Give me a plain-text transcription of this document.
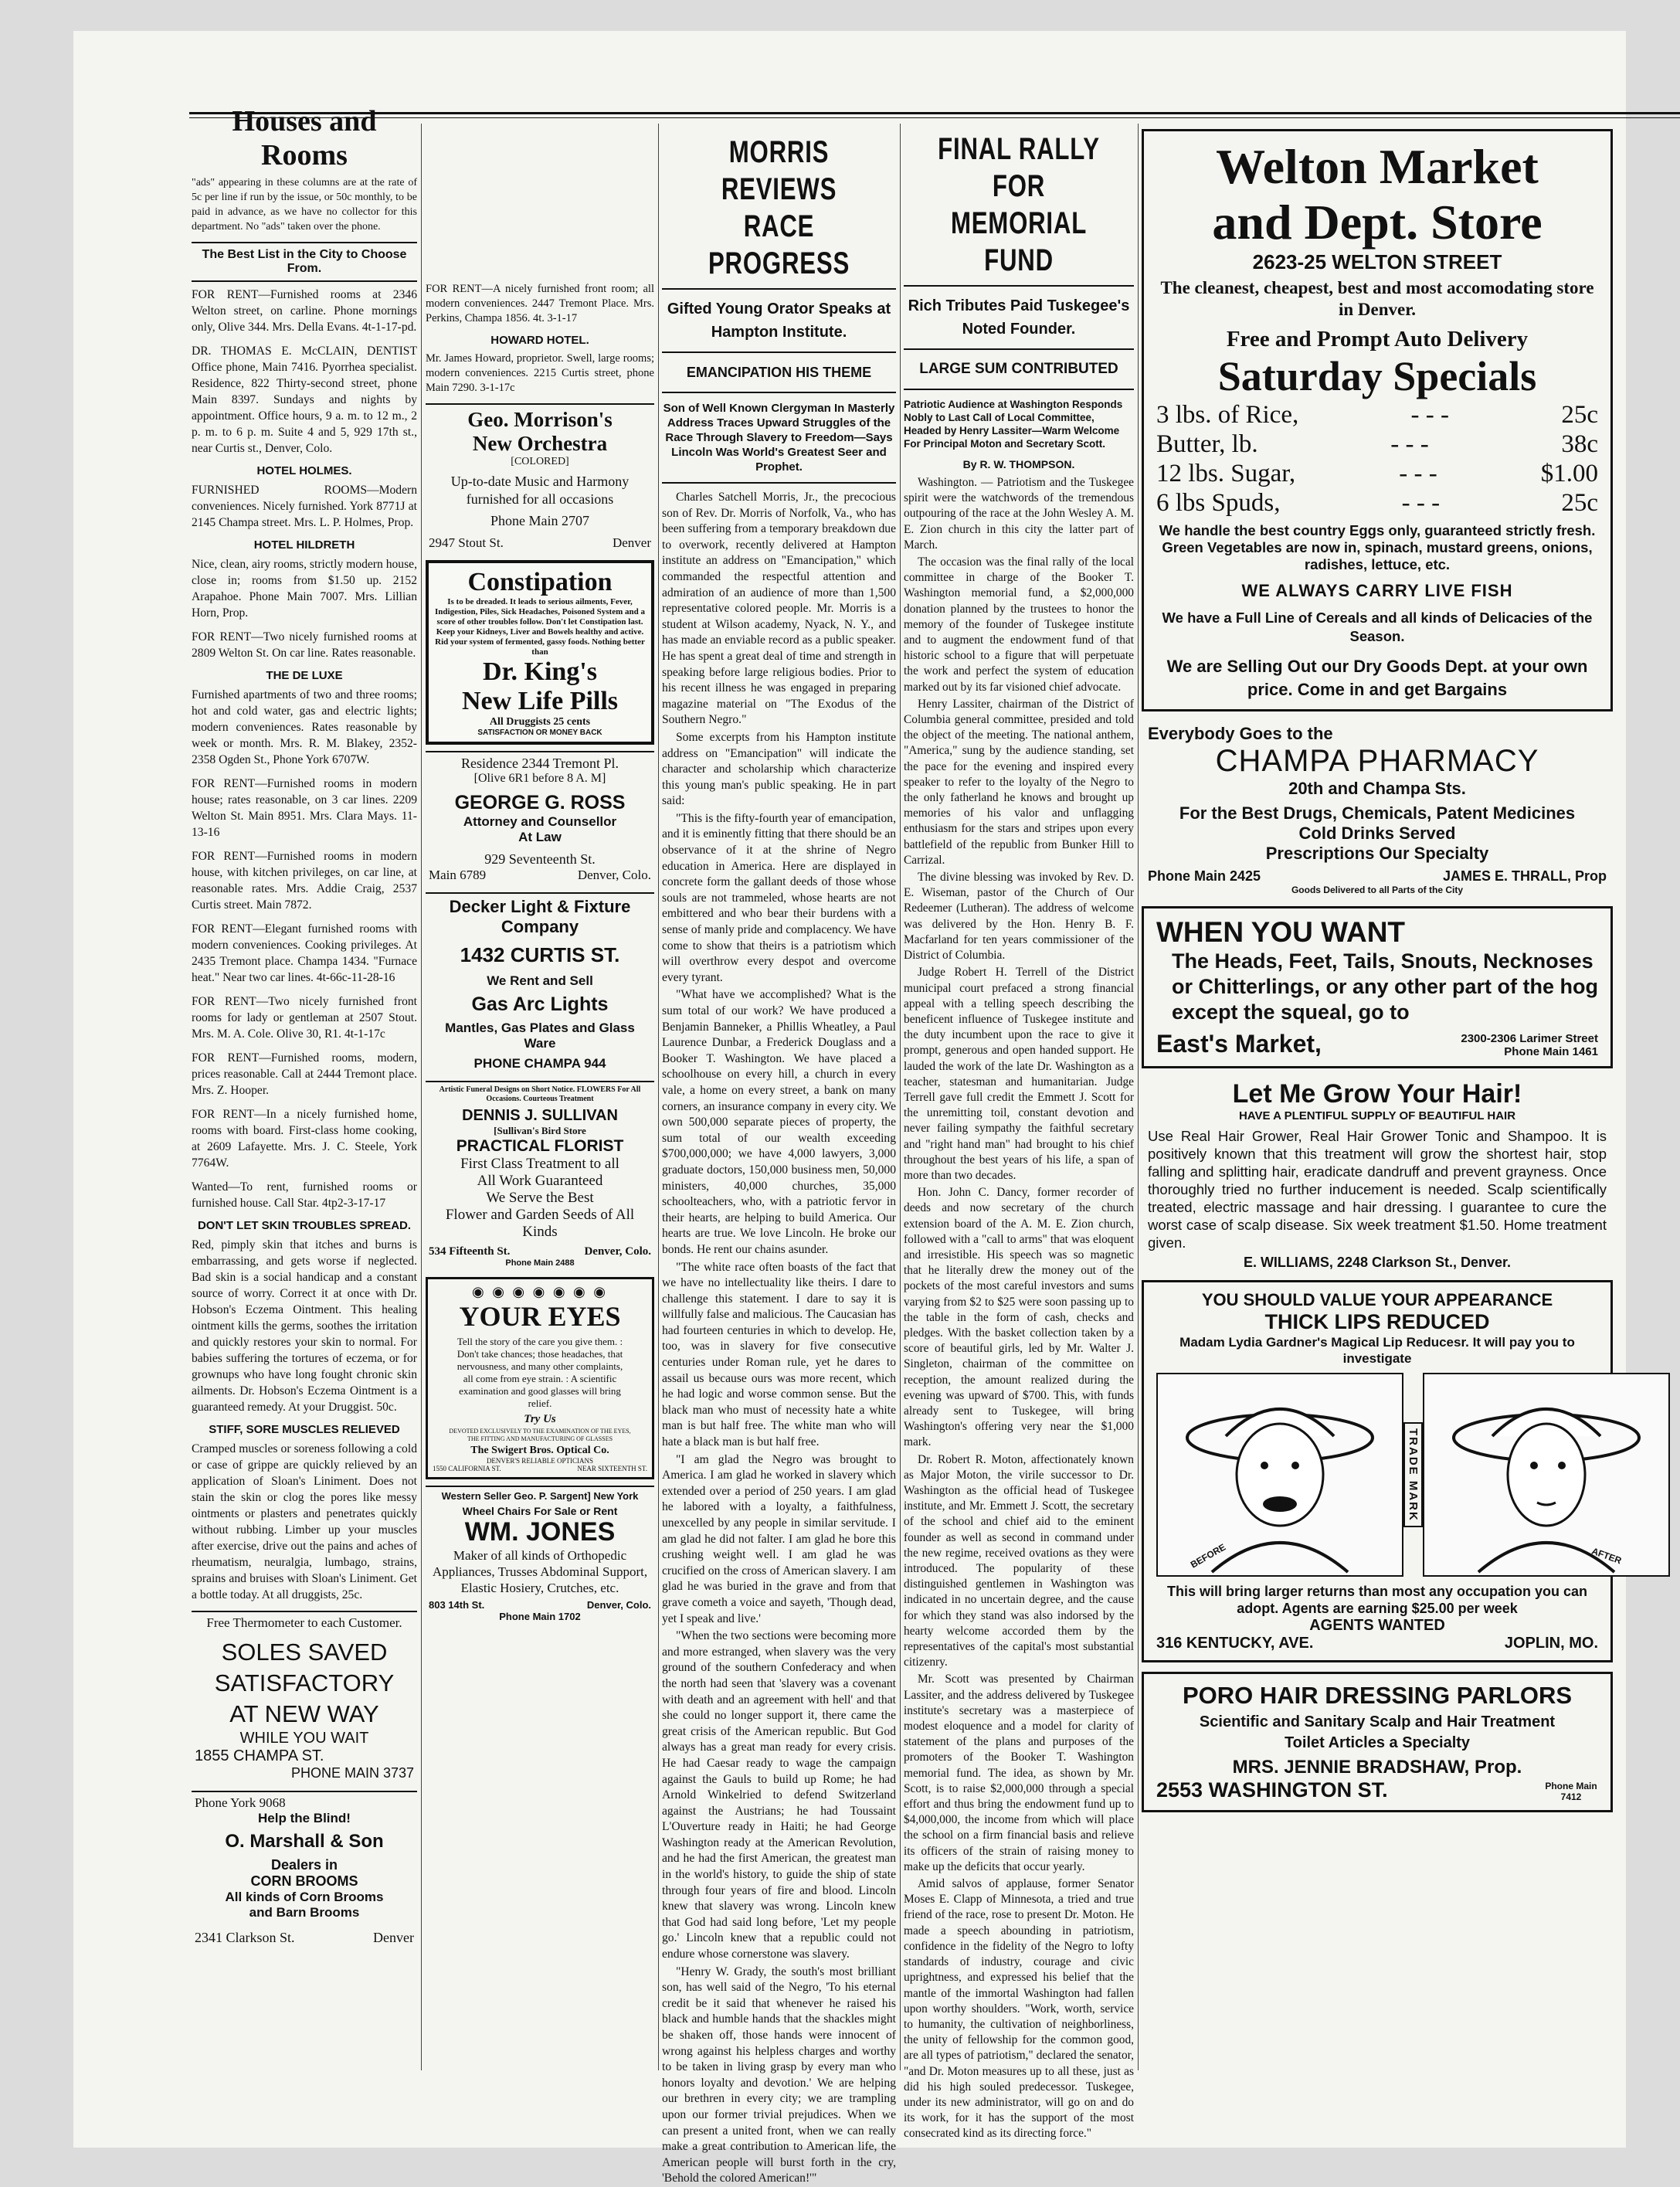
Houses and Rooms

"ads" appearing in these columns are at the rate of 5c per line if run by the issue, or 50c monthly, to be paid in advance, as we have no collector for this department. No "ads" taken over the phone.

The Best List in the City to Choose From.

FOR RENT—Furnished rooms at 2346 Welton street, on carline. Phone mornings only, Olive 344. Mrs. Della Evans. 4t-1-17-pd.

DR. THOMAS E. McCLAIN, DENTIST Office phone, Main 7416. Pyorrhea specialist. Residence, 822 Thirty-second street, phone Main 8397. Sundays and nights by appointment. Office hours, 9 a. m. to 12 m., 2 p. m. to 6 p. m. Suite 4 and 5, 929 17th st., near Curtis st., Denver, Colo.

HOTEL HOLMES.

FURNISHED ROOMS—Modern conveniences. Nicely furnished. York 8771J at 2145 Champa street. Mrs. L. P. Holmes, Prop.

HOTEL HILDRETH

Nice, clean, airy rooms, strictly modern house, close in; rooms from $1.50 up. 2152 Arapahoe. Phone Main 7007. Mrs. Lillian Horn, Prop.

FOR RENT—Two nicely furnished rooms at 2809 Welton St. On car line. Rates reasonable.

THE DE LUXE

Furnished apartments of two and three rooms; hot and cold water, gas and electric lights; modern conveniences. Rates reasonable by week or month. Mrs. R. M. Blakey, 2352-2358 Ogden St., Phone York 6707W.

FOR RENT—Furnished rooms in modern house; rates reasonable, on 3 car lines. 2209 Welton St. Main 8951. Mrs. Clara Mays. 11-13-16

FOR RENT—Furnished rooms in modern house, with kitchen privileges, on car line, at reasonable rates. Mrs. Addie Craig, 2537 Curtis street. Main 7872.

FOR RENT—Elegant furnished rooms with modern conveniences. Cooking privileges. At 2435 Tremont place. Champa 1434. "Furnace heat." Near two car lines. 4t-66c-11-28-16

FOR RENT—Two nicely furnished front rooms for lady or gentleman at 2507 Stout. Mrs. M. A. Cole. Olive 30, R1. 4t-1-17c

FOR RENT—Furnished rooms, modern, prices reasonable. Call at 2444 Tremont place. Mrs. Z. Hooper.

FOR RENT—In a nicely furnished home, rooms with board. First-class home cooking, at 2609 Lafayette. Mrs. J. C. Steele, York 7764W.

Wanted—To rent, furnished rooms or furnished house. Call Star. 4tp2-3-17-17

DON'T LET SKIN TROUBLES SPREAD.

Red, pimply skin that itches and burns is embarrassing, and gets worse if neglected. Bad skin is a social handicap and a constant source of worry. Correct it at once with Dr. Hobson's Eczema Ointment. This healing ointment kills the germs, soothes the irritation and quickly restores your skin to normal. For babies suffering the tortures of eczema, or for grownups who have long fought chronic skin ailments. Dr. Hobson's Eczema Ointment is a guaranteed remedy. At your Druggist. 50c.

STIFF, SORE MUSCLES RELIEVED

Cramped muscles or soreness following a cold or case of grippe are quickly relieved by an application of Sloan's Liniment. Does not stain the skin or clog the pores like messy ointments or plasters and penetrates quickly without rubbing. Limber up your muscles after exercise, drive out the pains and aches of rheumatism, neuralgia, lumbago, strains, sprains and bruises with Sloan's Liniment. Get a bottle today. At all druggists, 25c.

Free Thermometer to each Customer.
SOLES SAVED
SATISFACTORY
AT NEW WAY
WHILE YOU WAIT
1855 CHAMPA ST.
PHONE MAIN 3737
Phone York 9068
Help the Blind!
O. Marshall & Son
Dealers in
CORN BROOMS
All kinds of Corn Brooms
and Barn Brooms
2341 Clarkson St.	Denver

FOR RENT—A nicely furnished front room; all modern conveniences. 2447 Tremont Place. Mrs. Perkins, Champa 1856. 4t. 3-1-17

HOWARD HOTEL.

Mr. James Howard, proprietor. Swell, large rooms; modern conveniences. 2215 Curtis street, phone Main 7290. 3-1-17c

Geo. Morrison's
New Orchestra
[COLORED]
Up-to-date Music and Harmony furnished for all occasions
Phone Main 2707
2947 Stout St.	Denver
Constipation
Is to be dreaded. It leads to serious ailments, Fever, Indigestion, Piles, Sick Headaches, Poisoned System and a score of other troubles follow. Don't let Constipation last. Keep your Kidneys, Liver and Bowels healthy and active. Rid your system of fermented, gassy foods. Nothing better than
Dr. King's
New Life Pills
All Druggists 25 cents
SATISFACTION OR MONEY BACK
Residence 2344 Tremont Pl.
[Olive 6R1 before 8 A. M]
GEORGE G. ROSS
Attorney and Counsellor
At Law
929 Seventeenth St.
Main 6789	Denver, Colo.
Decker Light & Fixture
Company
1432 CURTIS ST.
We Rent and Sell
Gas Arc Lights
Mantles, Gas Plates and Glass Ware
PHONE CHAMPA 944
Artistic Funeral Designs on Short Notice. FLOWERS For All Occasions. Courteous Treatment
DENNIS J. SULLIVAN
[Sullivan's Bird Store
PRACTICAL FLORIST
First Class Treatment to all
All Work Guaranteed
We Serve the Best
Flower and Garden Seeds of All Kinds
534 Fifteenth St.	Denver, Colo.
Phone Main 2488
◉ ◉ ◉ ◉ ◉ ◉ ◉
YOUR EYES
Tell the story of the care you give them. : Don't take chances; those headaches, that nervousness, and many other complaints, all come from eye strain. : A scientific examination and good glasses will bring relief.
Try Us
DEVOTED EXCLUSIVELY TO THE EXAMINATION OF THE EYES, THE FITTING AND MANUFACTURING OF GLASSES
The Swigert Bros. Optical Co.
DENVER'S RELIABLE OPTICIANS
1550 CALIFORNIA ST.	NEAR SIXTEENTH ST.
Western Seller Geo. P. Sargent] New York
Wheel Chairs For Sale or Rent
WM. JONES
Maker of all kinds of Orthopedic Appliances, Trusses Abdominal Support, Elastic Hosiery, Crutches, etc.
803 14th St.	Denver, Colo.
Phone Main 1702
MORRIS REVIEWS
RACE PROGRESS
Gifted Young Orator Speaks at Hampton Institute.
EMANCIPATION HIS THEME
Son of Well Known Clergyman In Masterly Address Traces Upward Struggles of the Race Through Slavery to Freedom—Says Lincoln Was World's Greatest Seer and Prophet.

Charles Satchell Morris, Jr., the precocious son of Rev. Dr. Morris of Norfolk, Va., who has been suffering from a temporary breakdown due to overwork, recently delivered at Hampton institute an address on "Emancipation," which commanded the respectful attention and admiration of an audience of more than 1,500 representative colored people. Mr. Morris is a student at Wilson academy, Nyack, N. Y., and has made an enviable record as a public speaker. He has spent a great deal of time and strength in speaking before large religious bodies. Prior to his recent illness he was engaged in preparing magazine material on "The Exodus of the Southern Negro."

Some excerpts from his Hampton institute address on "Emancipation" will indicate the character and scholarship which characterize this young man's public speaking. He in part said:

"This is the fifty-fourth year of emancipation, and it is eminently fitting that there should be an observance of it at the shrine of Negro education in America. Here are displayed in concrete form the gallant deeds of those whose souls are not trammeled, whose hearts are not embittered and who bear their burdens with a sense of manly pride and complacency. We have come to show that theirs is a patriotism which will overthrow every despot and overcome every tyrant.

"What have we accomplished? What is the sum total of our work? We have produced a Benjamin Banneker, a Phillis Wheatley, a Paul Laurence Dunbar, a Frederick Douglass and a Booker T. Washington. We have placed a schoolhouse on every hill, a church in every vale, a home on every street, a bank on many corners, an insurance company in every city. We own 500,000 separate pieces of property, the sum total of our wealth exceeding $700,000,000; we have 4,000 lawyers, 3,000 graduate doctors, 150,000 business men, 50,000 ministers, 40,000 churches, 35,000 schoolteachers, who, with a patriotic fervor in their hearts, are helping to build America. Our hearts are true. We love Lincoln. He broke our bonds. He rent our chains asunder.

"The white race often boasts of the fact that we have no intellectuality like theirs. I dare to challenge this statement. I dare to say it is willfully false and malicious. The Caucasian has had fourteen centuries in which to develop. He, too, was in slavery for five consecutive centuries under Roman rule, yet he dares to assail us because ours was more recent, which he had logic and worse common sense. But the black man who must of necessity hate a white man is but half free. The white man who will hate a black man is but half free.

"I am glad the Negro was brought to America. I am glad he worked in slavery which extended over a period of 250 years. I am glad he labored with a loyalty, a faithfulness, unexcelled by any people in similar servitude. I am glad he did not falter. I am glad he bore this crushing weight well. I am glad he was crucified on the cross of American slavery. I am glad he was buried in the grave and from that grave cometh a voice and sayeth, 'Though dead, yet I speak and live.'

"When the two sections were becoming more and more estranged, when slavery was the very ground of the southern Confederacy and when the north had seen that 'slavery was a covenant with death and an agreement with hell' and that she could no longer support it, there came the great crisis of the American republic. But God always has a great man ready for every crisis. He had Caesar ready to wage the campaign against the Gauls to build up Rome; he had Arnold Winkelried to defend Switzerland against the Austrians; he had Toussaint L'Ouverture ready in Haiti; he had George Washington ready at the American Revolution, and he had the first American, the greatest man in the world's history, to guide the ship of state through four years of fire and blood. Lincoln knew that slavery was wrong. Lincoln knew that God had said long before, 'Let my people go.' Lincoln knew that a republic could not endure whose cornerstone was slavery.

"Henry W. Grady, the south's most brilliant son, has well said of the Negro, 'To his eternal credit be it said that whenever he raised his black and humble hands that the shackles might be shaken off, those hands were innocent of wrong against his helpless charges and worthy to be taken in living grasp by every man who honors loyalty and devotion.' We are helping our brethren in every city; we are trampling upon our former trivial prejudices. When we can present a united front, when we can really make a great contribution to American life, the American people will burst forth in the cry, 'Behold the colored American!'"

FINAL RALLY FOR
MEMORIAL FUND
Rich Tributes Paid Tuskegee's Noted Founder.
LARGE SUM CONTRIBUTED
Patriotic Audience at Washington Responds Nobly to Last Call of Local Committee, Headed by Henry Lassiter—Warm Welcome For Principal Moton and Secretary Scott.
By R. W. THOMPSON.

Washington. — Patriotism and the Tuskegee spirit were the watchwords of the tremendous outpouring of the race at the John Wesley A. M. E. Zion church in this city the latter part of March.

The occasion was the final rally of the local committee in charge of the Booker T. Washington memorial fund, a $2,000,000 donation planned by the trustees to honor the memory of the founder of Tuskegee institute and to augment the endowment fund of that historic school to a figure that will perpetuate the work and perfect the system of education marked out by its far visioned chief advocate.

Henry Lassiter, chairman of the District of Columbia general committee, presided and told the object of the meeting. The national anthem, "America," sung by the audience standing, set the pace for the evening and inspired every speaker to refer to the loyalty of the Negro to the only fatherland he knows and brought up memories of his valor and unflagging enthusiasm for the stars and stripes upon every battlefield of the republic from Bunker Hill to Carrizal.

The divine blessing was invoked by Rev. D. E. Wiseman, pastor of the Church of Our Redeemer (Lutheran). The address of welcome was delivered by the Hon. Henry B. F. Macfarland for ten years commissioner of the District of Columbia.

Judge Robert H. Terrell of the District municipal court prefaced a strong financial appeal with a telling speech describing the beneficent influence of Tuskegee institute and the duty incumbent upon the race to give it prompt, generous and open handed support. He lauded the work of the late Dr. Washington as a teacher, statesman and humanitarian. Judge Terrell gave full credit the Emmett J. Scott for the unremitting toil, constant devotion and never failing sympathy the faithful secretary and "right hand man" had brought to his chief throughout the best years of his life, a span of more than two decades.

Hon. John C. Dancy, former recorder of deeds and now secretary of the church extension board of the A. M. E. Zion church, followed with a "call to arms" that was eloquent and irresistible. His speech was so magnetic that he literally drew the money out of the pockets of the most careful investors and sums varying from $2 to $25 were soon passing up to the table in the form of cash, checks and pledges. With the basket collection taken by a score of beautiful girls, led by Mr. Walter J. Singleton, chairman of the committee on reception, the amount realized during the evening was upward of $700. This, with funds already sent to Tuskegee, will bring Washington's offering very near the $1,000 mark.

Dr. Robert R. Moton, affectionately known as Major Moton, the virile successor to Dr. Washington as the official head of Tuskegee institute, and Mr. Emmett J. Scott, the secretary of the school and chief aid to the eminent founder as well as second in command under the new regime, received ovations as they were introduced. The popularity of these distinguished gentlemen in Washington was indicated in no uncertain degree, and the cause for which they stand was also indorsed by the hearty welcome accorded them by the representatives of the capital's most substantial citizenry.

Mr. Scott was presented by Chairman Lassiter, and the address delivered by Tuskegee institute's secretary was a masterpiece of modest eloquence and a model for clarity of statement of the plans and purposes of the promoters of the Booker T. Washington memorial fund. The idea, as shown by Mr. Scott, is to raise $2,000,000 through a special effort and thus bring the endowment fund up to $4,000,000, the income from which will place the school on a firm financial basis and relieve its officers of the strain of raising money to make up the deficits that occur yearly.

Amid salvos of applause, former Senator Moses E. Clapp of Minnesota, a tried and true friend of the race, rose to present Dr. Moton. He made a speech abounding in patriotism, confidence in the fidelity of the Negro to lofty standards of industry, courage and civic uprightness, and expressed his belief that the mantle of the immortal Washington had fallen upon worthy shoulders. "Work, worth, service to humanity, the cultivation of neighborliness, the unity of fellowship for the common good, are all types of patriotism," declared the senator, "and Dr. Moton measures up to all these, just as did his high souled predecessor. Tuskegee, under its new administrator, will go on and do its work, for it has the support of the most consecrated kind as its directing force."

Welton Market
and Dept. Store
2623-25 WELTON STREET
The cleanest, cheapest, best and most accomodating store in Denver.
Free and Prompt Auto Delivery
Saturday Specials
3 lbs. of Rice,	- - -	25c
Butter, lb.	- - -	38c
12 lbs. Sugar,	- - -	$1.00
6 lbs Spuds,	- - -	25c
We handle the best country Eggs only, guaranteed strictly fresh. Green Vegetables are now in, spinach, mustard greens, onions, radishes, lettuce, etc.
WE ALWAYS CARRY LIVE FISH
We have a Full Line of Cereals and all kinds of Delicacies of the Season.
We are Selling Out our Dry Goods Dept. at your own price. Come in and get Bargains
Everybody Goes to the
CHAMPA PHARMACY
20th and Champa Sts.
For the Best Drugs, Chemicals, Patent Medicines
Cold Drinks Served
Prescriptions Our Specialty
Phone Main 2425	JAMES E. THRALL, Prop
Goods Delivered to all Parts of the City
WHEN YOU WANT
The Heads, Feet, Tails, Snouts, Necknoses or Chitterlings, or any other part of the hog except the squeal, go to
East's Market,	2300-2306 Larimer Street
Phone Main 1461
Let Me Grow Your Hair!
HAVE A PLENTIFUL SUPPLY OF BEAUTIFUL HAIR
Use Real Hair Grower, Real Hair Grower Tonic and Shampoo. It is positively known that this treatment will grow the shortest hair, stop falling and splitting hair, eradicate dandruff and prevent grayness. Once thoroughly tried no further inducement is needed. Scalp scientifically treated, electric massage and hair dressing. I guarantee to cure the worst case of scalp disease. Six week treatment $1.50. Home treatment given.
E. WILLIAMS, 2248 Clarkson St., Denver.
YOU SHOULD VALUE YOUR APPEARANCE
THICK LIPS REDUCED
Madam Lydia Gardner's Magical Lip Reducesr. It will pay you to investigate
BEFORE
TRADE MARK
AFTER
This will bring larger returns than most any occupation you can adopt. Agents are earning $25.00 per week
AGENTS WANTED
316 KENTUCKY, AVE.	JOPLIN, MO.
PORO HAIR DRESSING PARLORS
Scientific and Sanitary Scalp and Hair Treatment
Toilet Articles a Specialty
MRS. JENNIE BRADSHAW, Prop.
2553 WASHINGTON ST.	Phone Main 7412
